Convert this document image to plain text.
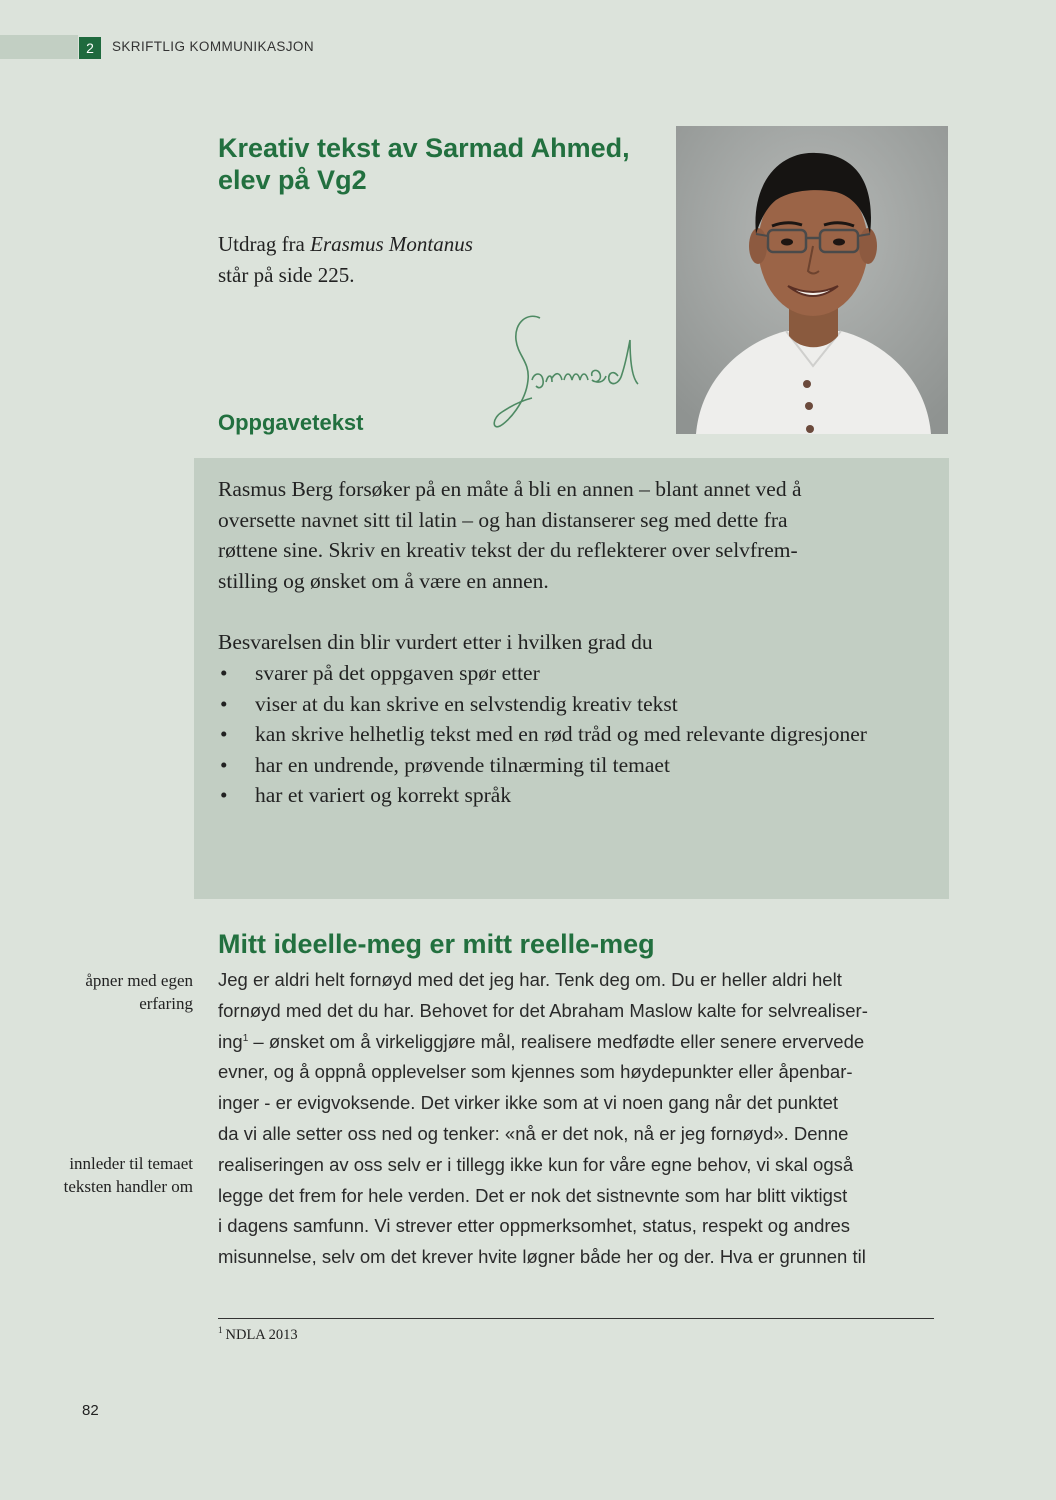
2	SKRIFTLIG KOMMUNIKASJON
Kreativ tekst av Sarmad Ahmed,
elev på Vg2
Utdrag fra Erasmus Montanus
står på side 225.
Oppgavetekst

Rasmus Berg forsøker på en måte å bli en annen – blant annet ved å
oversette navnet sitt til latin – og han distanserer seg med dette fra
røttene sine. Skriv en kreativ tekst der du reflekterer over selvfrem-
stilling og ønsket om å være en annen.

Besvarelsen din blir vurdert etter i hvilken grad du

• svarer på det oppgaven spør etter
• viser at du kan skrive en selvstendig kreativ tekst
• kan skrive helhetlig tekst med en rød tråd og med relevante digresjoner
• har en undrende, prøvende tilnærming til temaet
• har et variert og korrekt språk
Mitt ideelle-meg er mitt reelle-meg

Jeg er aldri helt fornøyd med det jeg har. Tenk deg om. Du er heller aldri helt
fornøyd med det du har. Behovet for det Abraham Maslow kalte for selvrealiser-
ing$^1$ – ønsket om å virkeliggjøre mål, realisere medfødte eller senere ervervede
evner, og å oppnå opplevelser som kjennes som høydepunkter eller åpenbar-
inger - er evigvoksende. Det virker ikke som at vi noen gang når det punktet
da vi alle setter oss ned og tenker: «nå er det nok, nå er jeg fornøyd». Denne
realiseringen av oss selv er i tillegg ikke kun for våre egne behov, vi skal også
legge det frem for hele verden. Det er nok det sistnevnte som har blitt viktigst
i dagens samfunn. Vi strever etter oppmerksomhet, status, respekt og andres
misunnelse, selv om det krever hvite løgner både her og der. Hva er grunnen til

åpner med egen
erfaring
innleder til temaet
teksten handler om
$^1$ NDLA 2013
82
